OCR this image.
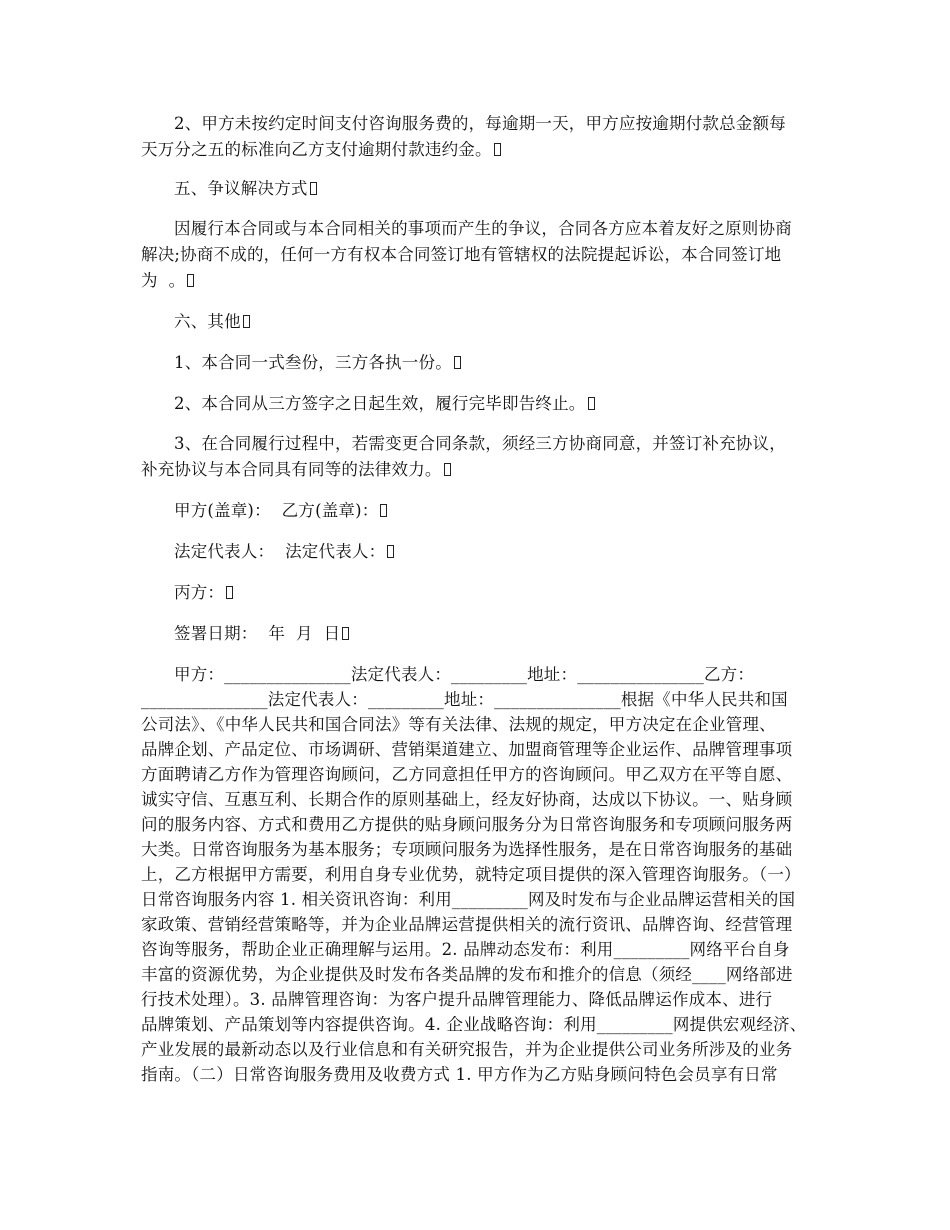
2、甲方未按约定时间支付咨询服务费的，每逾期一天，甲方应按逾期付款总金额每
天万分之五的标准向乙方支付逾期付款违约金。
五、争议解决方式
因履行本合同或与本合同相关的事项而产生的争议，合同各方应本着友好之原则协商
解决;协商不成的，任何一方有权本合同签订地有管辖权的法院提起诉讼，本合同签订地
为  。
六、其他
1、本合同一式叁份，三方各执一份。
2、本合同从三方签字之日起生效，履行完毕即告终止。
3、在合同履行过程中，若需变更合同条款，须经三方协商同意，并签订补充协议，
补充协议与本合同具有同等的法律效力。
甲方(盖章)：  乙方(盖章)：
法定代表人：  法定代表人：
丙方：
签署日期：  年  月  日
甲方：_______________法定代表人：_________地址：_______________乙方：
_______________法定代表人：_________地址：_______________根据《中华人民共和国
公司法》、《中华人民共和国合同法》等有关法律、法规的规定，甲方决定在企业管理、
品牌企划、产品定位、市场调研、营销渠道建立、加盟商管理等企业运作、品牌管理事项
方面聘请乙方作为管理咨询顾问，乙方同意担任甲方的咨询顾问。甲乙双方在平等自愿、
诚实守信、互惠互利、长期合作的原则基础上，经友好协商，达成以下协议。一、贴身顾
问的服务内容、方式和费用乙方提供的贴身顾问服务分为日常咨询服务和专项顾问服务两
大类。日常咨询服务为基本服务；专项顾问服务为选择性服务，是在日常咨询服务的基础
上，乙方根据甲方需要，利用自身专业优势，就特定项目提供的深入管理咨询服务。（一）
日常咨询服务内容 1. 相关资讯咨询：利用_________网及时发布与企业品牌运营相关的国
家政策、营销经营策略等，并为企业品牌运营提供相关的流行资讯、品牌咨询、经营管理
咨询等服务，帮助企业正确理解与运用。2. 品牌动态发布：利用_________网络平台自身
丰富的资源优势，为企业提供及时发布各类品牌的发布和推介的信息（须经____网络部进
行技术处理）。3. 品牌管理咨询：为客户提升品牌管理能力、降低品牌运作成本、进行
品牌策划、产品策划等内容提供咨询。4. 企业战略咨询：利用_________网提供宏观经济、
产业发展的最新动态以及行业信息和有关研究报告，并为企业提供公司业务所涉及的业务
指南。（二）日常咨询服务费用及收费方式 1. 甲方作为乙方贴身顾问特色会员享有日常
